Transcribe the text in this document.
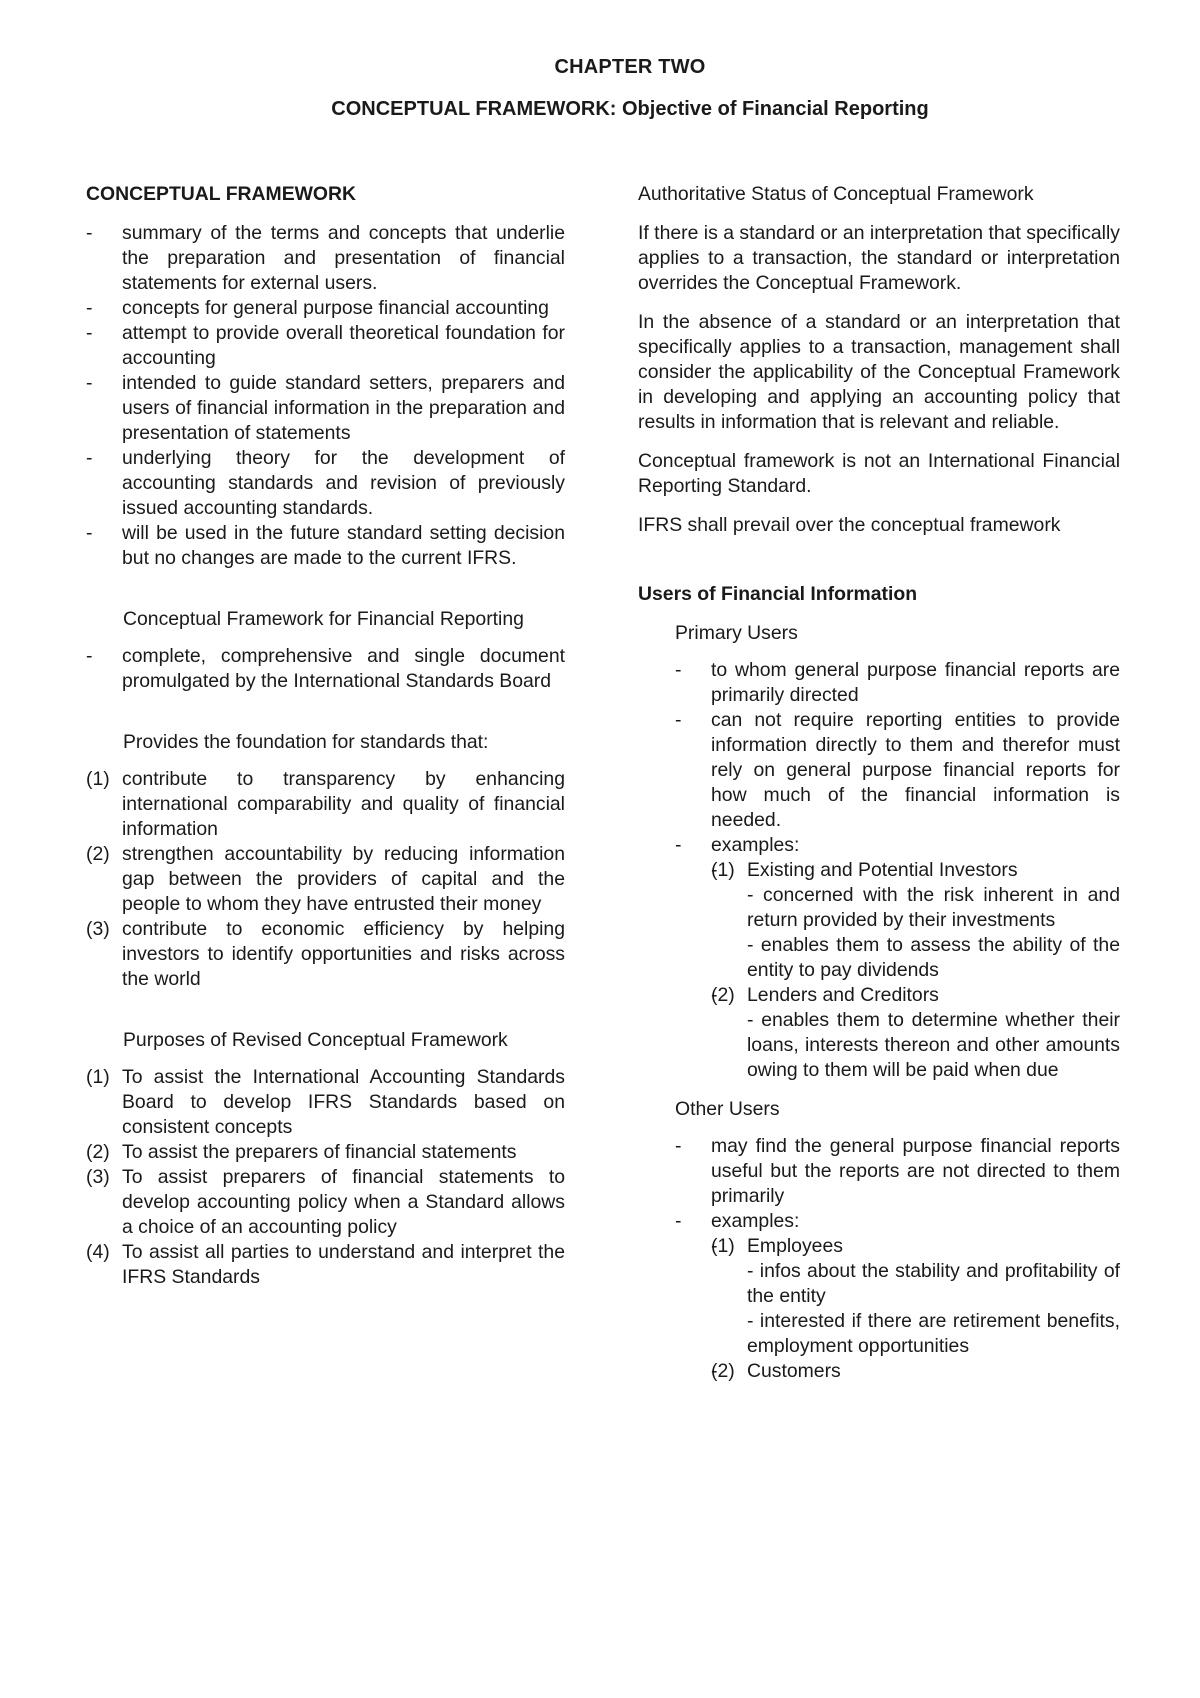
CHAPTER TWO
CONCEPTUAL FRAMEWORK: Objective of Financial Reporting

CONCEPTUAL FRAMEWORK

- summary of the terms and concepts that underlie the preparation and presentation of financial statements for external users.
- concepts for general purpose financial accounting
- attempt to provide overall theoretical foundation for accounting
- intended to guide standard setters, preparers and users of financial information in the preparation and presentation of statements
- underlying theory for the development of accounting standards and revision of previously issued accounting standards.
- will be used in the future standard setting decision but no changes are made to the current IFRS.

Conceptual Framework for Financial Reporting

- complete, comprehensive and single document promulgated by the International Standards Board

Provides the foundation for standards that:

(1) contribute to transparency by enhancing international comparability and quality of financial information
(2) strengthen accountability by reducing information gap between the providers of capital and the people to whom they have entrusted their money
(3) contribute to economic efficiency by helping investors to identify opportunities and risks across the world

Purposes of Revised Conceptual Framework

(1) To assist the International Accounting Standards Board to develop IFRS Standards based on consistent concepts
(2) To assist the preparers of financial statements
(3) To assist preparers of financial statements to develop accounting policy when a Standard allows a choice of an accounting policy
(4) To assist all parties to understand and interpret the IFRS Standards

Authoritative Status of Conceptual Framework

If there is a standard or an interpretation that specifically applies to a transaction, the standard or interpretation overrides the Conceptual Framework.

In the absence of a standard or an interpretation that specifically applies to a transaction, management shall consider the applicability of the Conceptual Framework in developing and applying an accounting policy that results in information that is relevant and reliable.

Conceptual framework is not an International Financial Reporting Standard.

IFRS shall prevail over the conceptual framework

Users of Financial Information

Primary Users

- to whom general purpose financial reports are primarily directed
- can not require reporting entities to provide information directly to them and therefor must rely on general purpose financial reports for how much of the financial information is needed.
- examples:
- (1) Existing and Potential Investors
- concerned with the risk inherent in and return provided by their investments
- enables them to assess the ability of the entity to pay dividends
- (2) Lenders and Creditors
- enables them to determine whether their loans, interests thereon and other amounts owing to them will be paid when due

Other Users

- may find the general purpose financial reports useful but the reports are not directed to them primarily
- examples:
- (1) Employees
- infos about the stability and profitability of the entity
- interested if there are retirement benefits, employment opportunities
- (2) Customers
